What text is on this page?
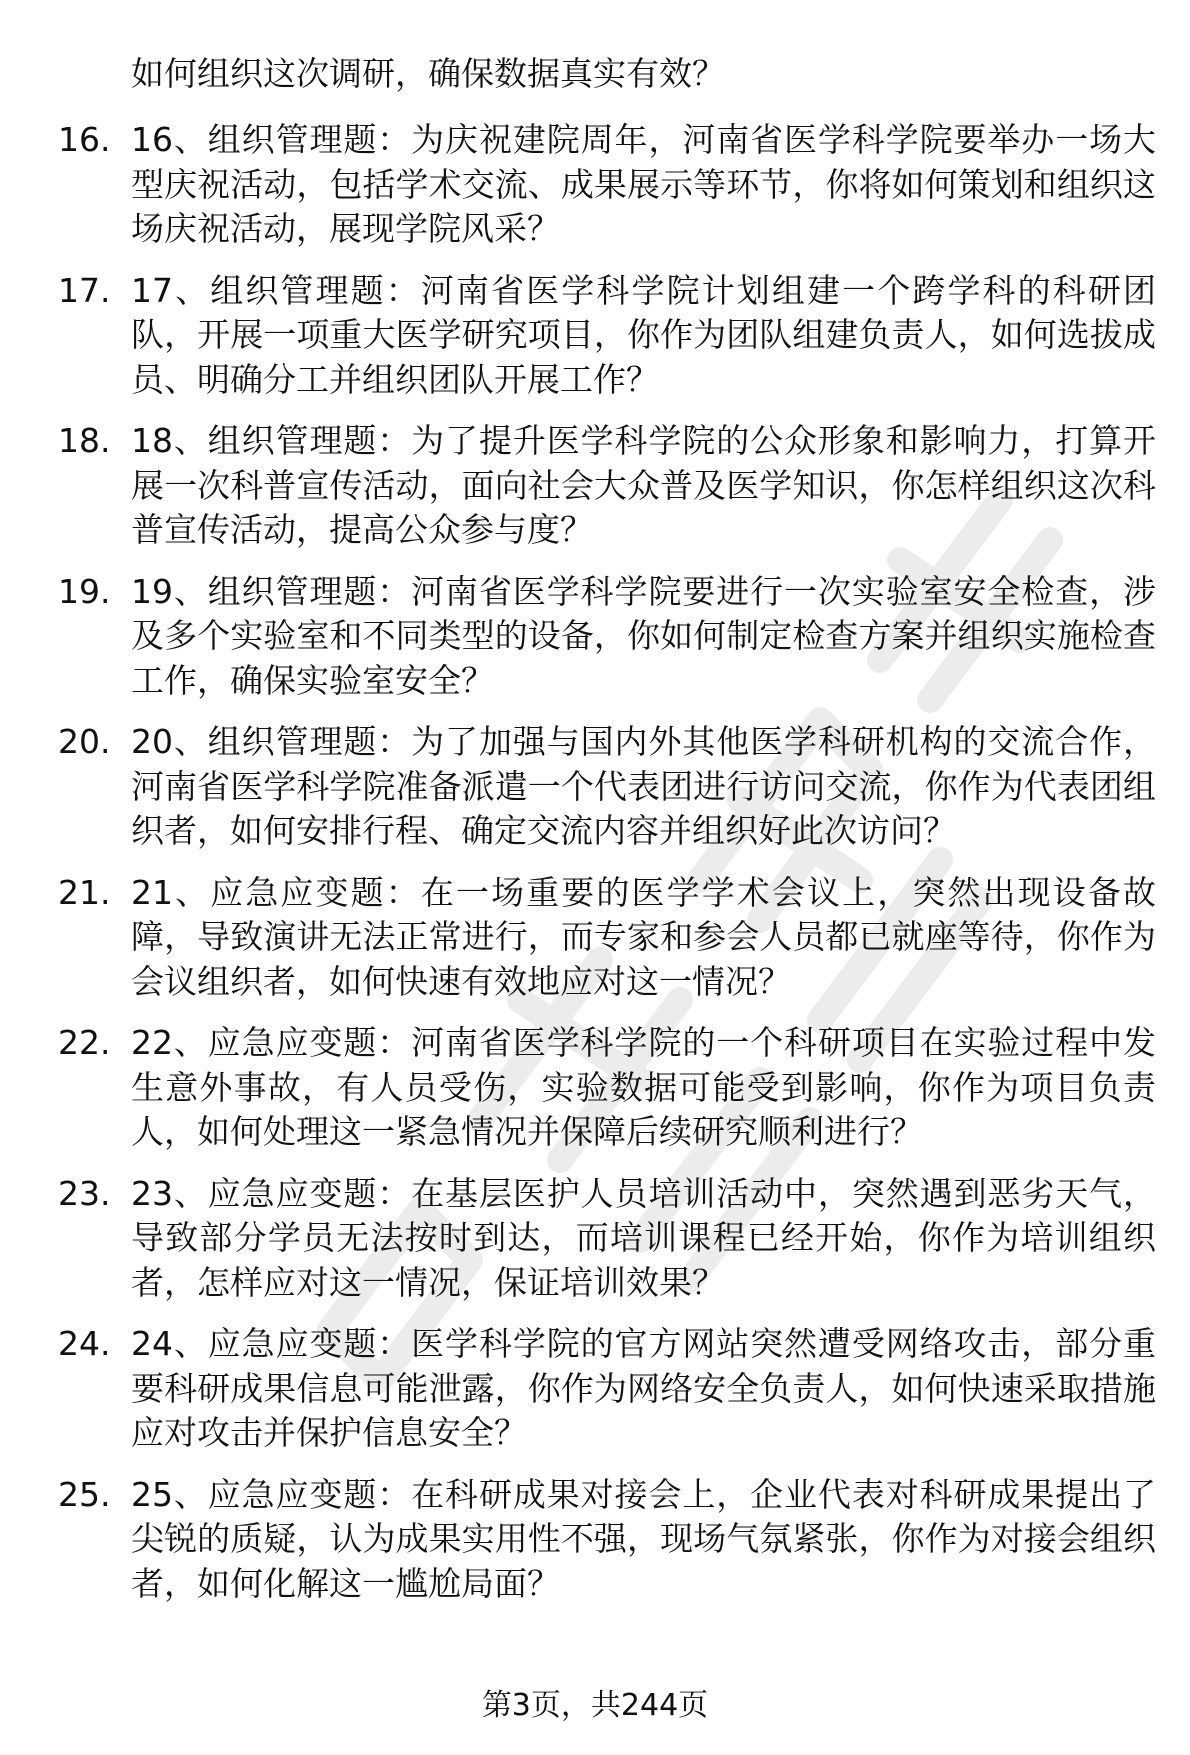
如何组织这次调研，确保数据真实有效？
16. 16、组织管理题：为庆祝建院周年，河南省医学科学院要举办一场大型庆祝活动，包括学术交流、成果展示等环节，你将如何策划和组织这场庆祝活动，展现学院风采？
17. 17、组织管理题：河南省医学科学院计划组建一个跨学科的科研团队，开展一项重大医学研究项目，你作为团队组建负责人，如何选拔成员、明确分工并组织团队开展工作？
18. 18、组织管理题：为了提升医学科学院的公众形象和影响力，打算开展一次科普宣传活动，面向社会大众普及医学知识，你怎样组织这次科普宣传活动，提高公众参与度？
19. 19、组织管理题：河南省医学科学院要进行一次实验室安全检查，涉及多个实验室和不同类型的设备，你如何制定检查方案并组织实施检查工作，确保实验室安全？
20. 20、组织管理题：为了加强与国内外其他医学科研机构的交流合作，河南省医学科学院准备派遣一个代表团进行访问交流，你作为代表团组织者，如何安排行程、确定交流内容并组织好此次访问？
21. 21、应急应变题：在一场重要的医学学术会议上，突然出现设备故障，导致演讲无法正常进行，而专家和参会人员都已就座等待，你作为会议组织者，如何快速有效地应对这一情况？
22. 22、应急应变题：河南省医学科学院的一个科研项目在实验过程中发生意外事故，有人员受伤，实验数据可能受到影响，你作为项目负责人，如何处理这一紧急情况并保障后续研究顺利进行？
23. 23、应急应变题：在基层医护人员培训活动中，突然遇到恶劣天气，导致部分学员无法按时到达，而培训课程已经开始，你作为培训组织者，怎样应对这一情况，保证培训效果？
24. 24、应急应变题：医学科学院的官方网站突然遭受网络攻击，部分重要科研成果信息可能泄露，你作为网络安全负责人，如何快速采取措施应对攻击并保护信息安全？
25. 25、应急应变题：在科研成果对接会上，企业代表对科研成果提出了尖锐的质疑，认为成果实用性不强，现场气氛紧张，你作为对接会组织者，如何化解这一尴尬局面？
第3页，共244页
